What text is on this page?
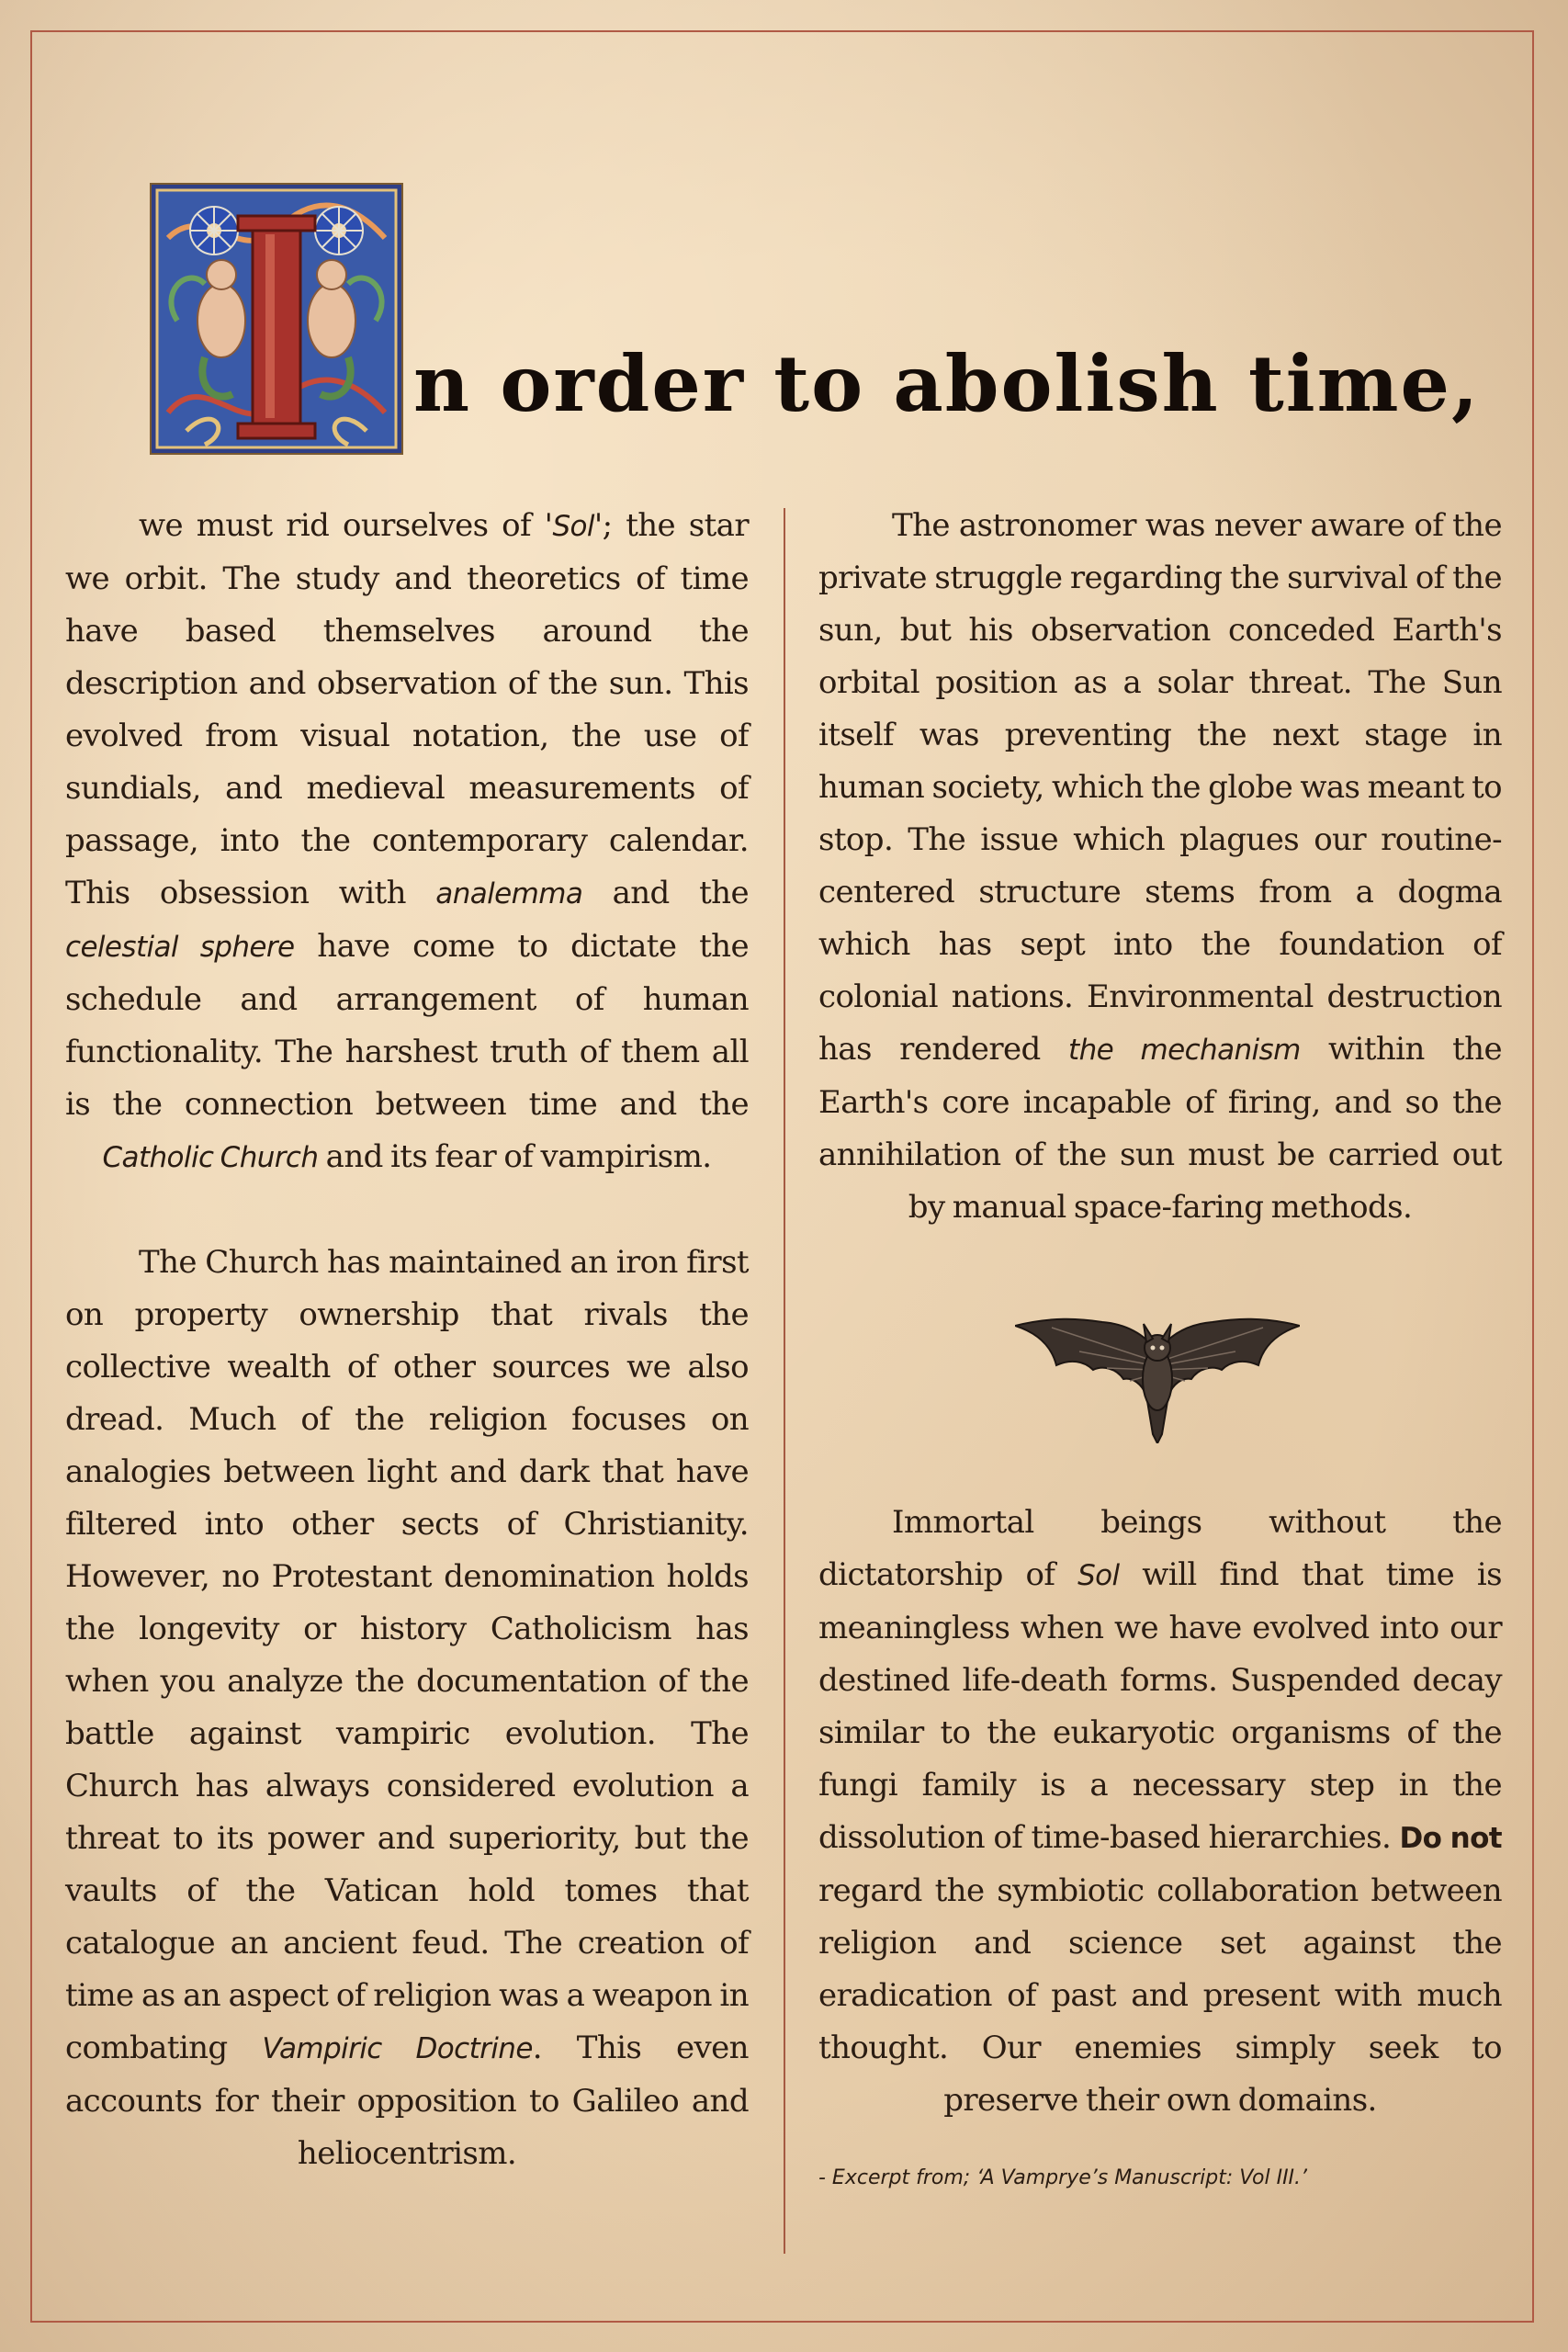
n order to abolish time,

we must rid ourselves of 'Sol'; the star we orbit. The study and theoretics of time have based themselves around the description and observation of the sun. This evolved from visual notation, the use of sundials, and medieval measurements of passage, into the contemporary calendar. This obsession with analemma and the celestial sphere have come to dictate the schedule and arrangement of human functionality. The harshest truth of them all is the connection between time and the Catholic Church and its fear of vampirism.

The Church has maintained an iron first on property ownership that rivals the collective wealth of other sources we also dread. Much of the religion focuses on analogies between light and dark that have filtered into other sects of Christianity. However, no Protestant denomination holds the longevity or history Catholicism has when you analyze the documentation of the battle against vampiric evolution. The Church has always considered evolution a threat to its power and superiority, but the vaults of the Vatican hold tomes that catalogue an ancient feud. The creation of time as an aspect of religion was a weapon in combating Vampiric Doctrine. This even accounts for their opposition to Galileo and heliocentrism.

The astronomer was never aware of the private struggle regarding the survival of the sun, but his observation conceded Earth's orbital position as a solar threat. The Sun itself was preventing the next stage in human society, which the globe was meant to stop. The issue which plagues our routine-centered structure stems from a dogma which has sept into the foundation of colonial nations. Environmental destruction has rendered the mechanism within the Earth's core incapable of firing, and so the annihilation of the sun must be carried out by manual space-faring methods.

Immortal beings without the dictatorship of Sol will find that time is meaningless when we have evolved into our destined life-death forms. Suspended decay similar to the eukaryotic organisms of the fungi family is a necessary step in the dissolution of time-based hierarchies. Do not regard the symbiotic collaboration between religion and science set against the eradication of past and present with much thought. Our enemies simply seek to preserve their own domains.

- Excerpt from; ‘A Vamprye’s Manuscript: Vol III.’
